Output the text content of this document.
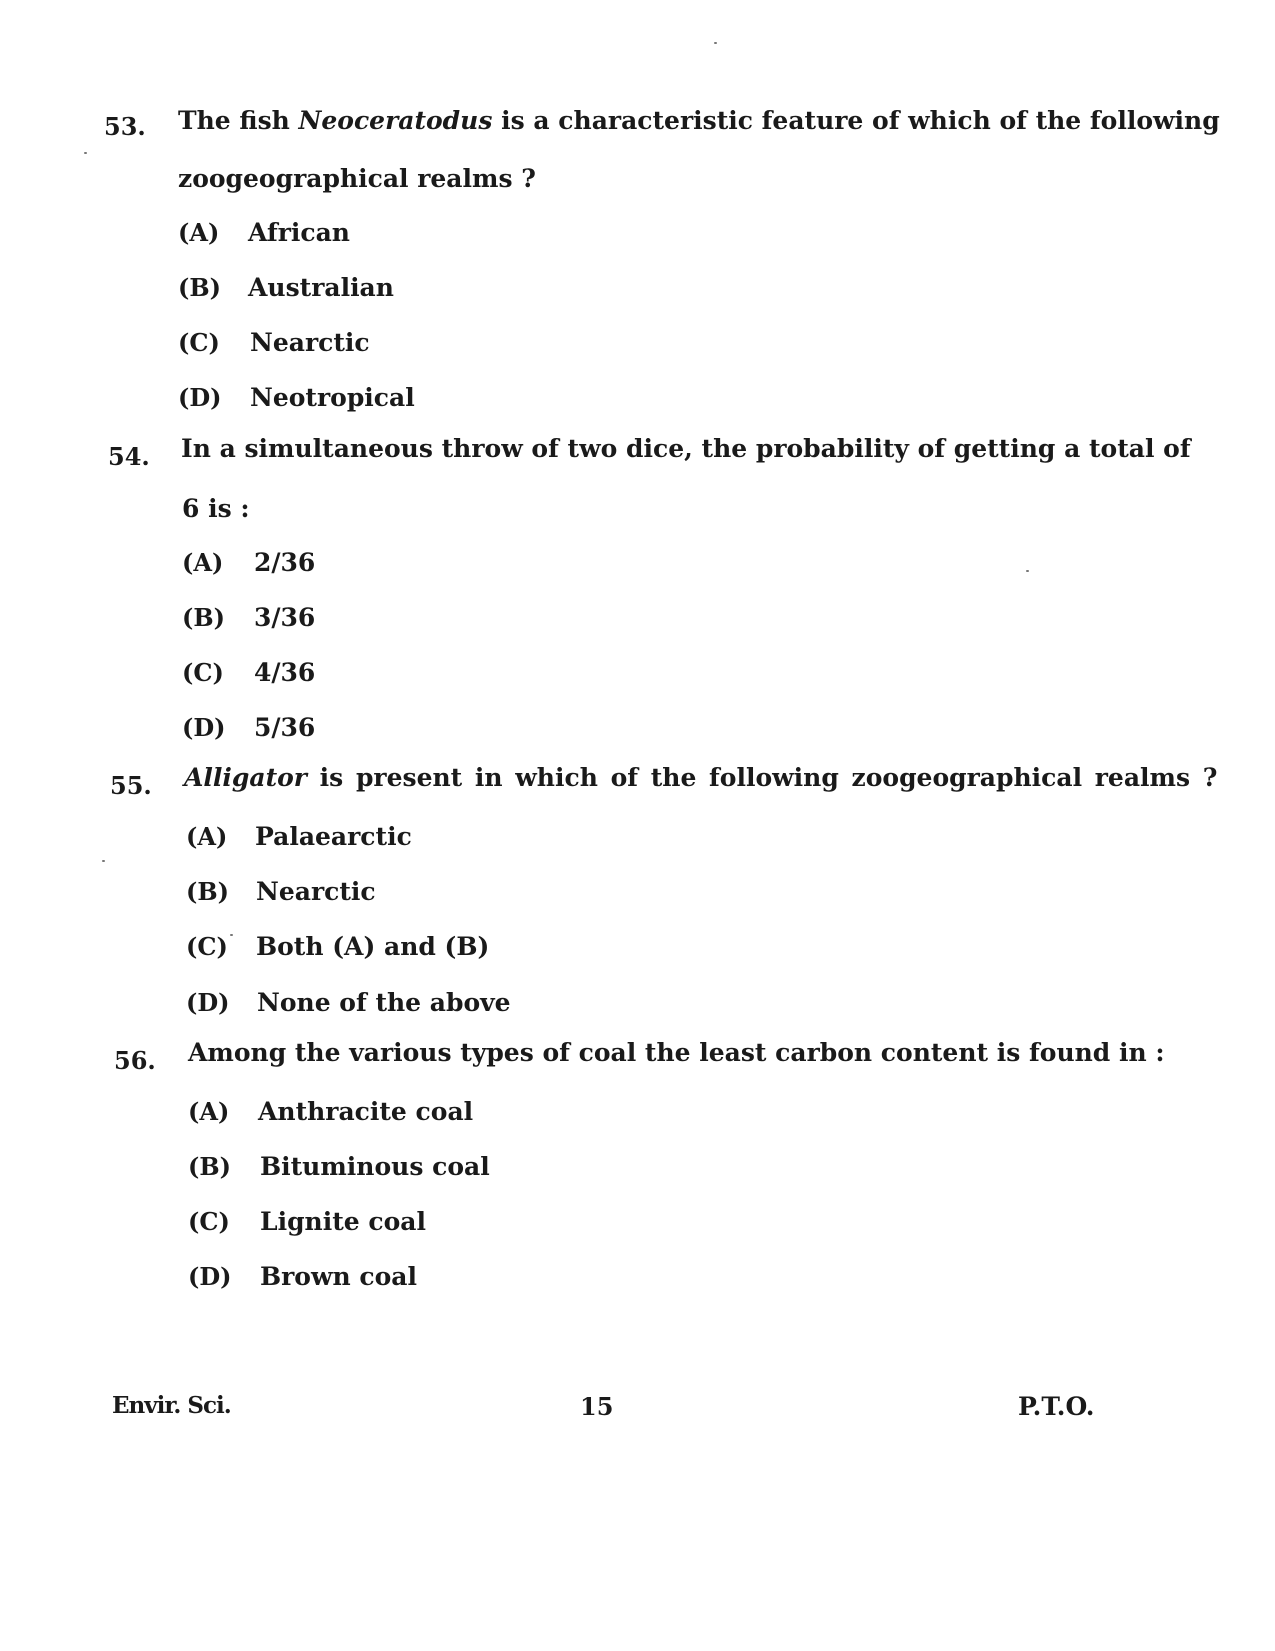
53. The fish Neoceratodus is a characteristic feature of which of the following
zoogeographical realms ?
(A) African
(B) Australian
(C) Nearctic
(D) Neotropical
54. In a simultaneous throw of two dice, the probability of getting a total of
6 is :
(A) 2/36
(B) 3/36
(C) 4/36
(D) 5/36
55. Alligator is present in which of the following zoogeographical realms ?
(A) Palaearctic
(B) Nearctic
(C) Both (A) and (B)
(D) None of the above
56. Among the various types of coal the least carbon content is found in :
(A) Anthracite coal
(B) Bituminous coal
(C) Lignite coal
(D) Brown coal
Envir. Sci.	15	P.T.O.
